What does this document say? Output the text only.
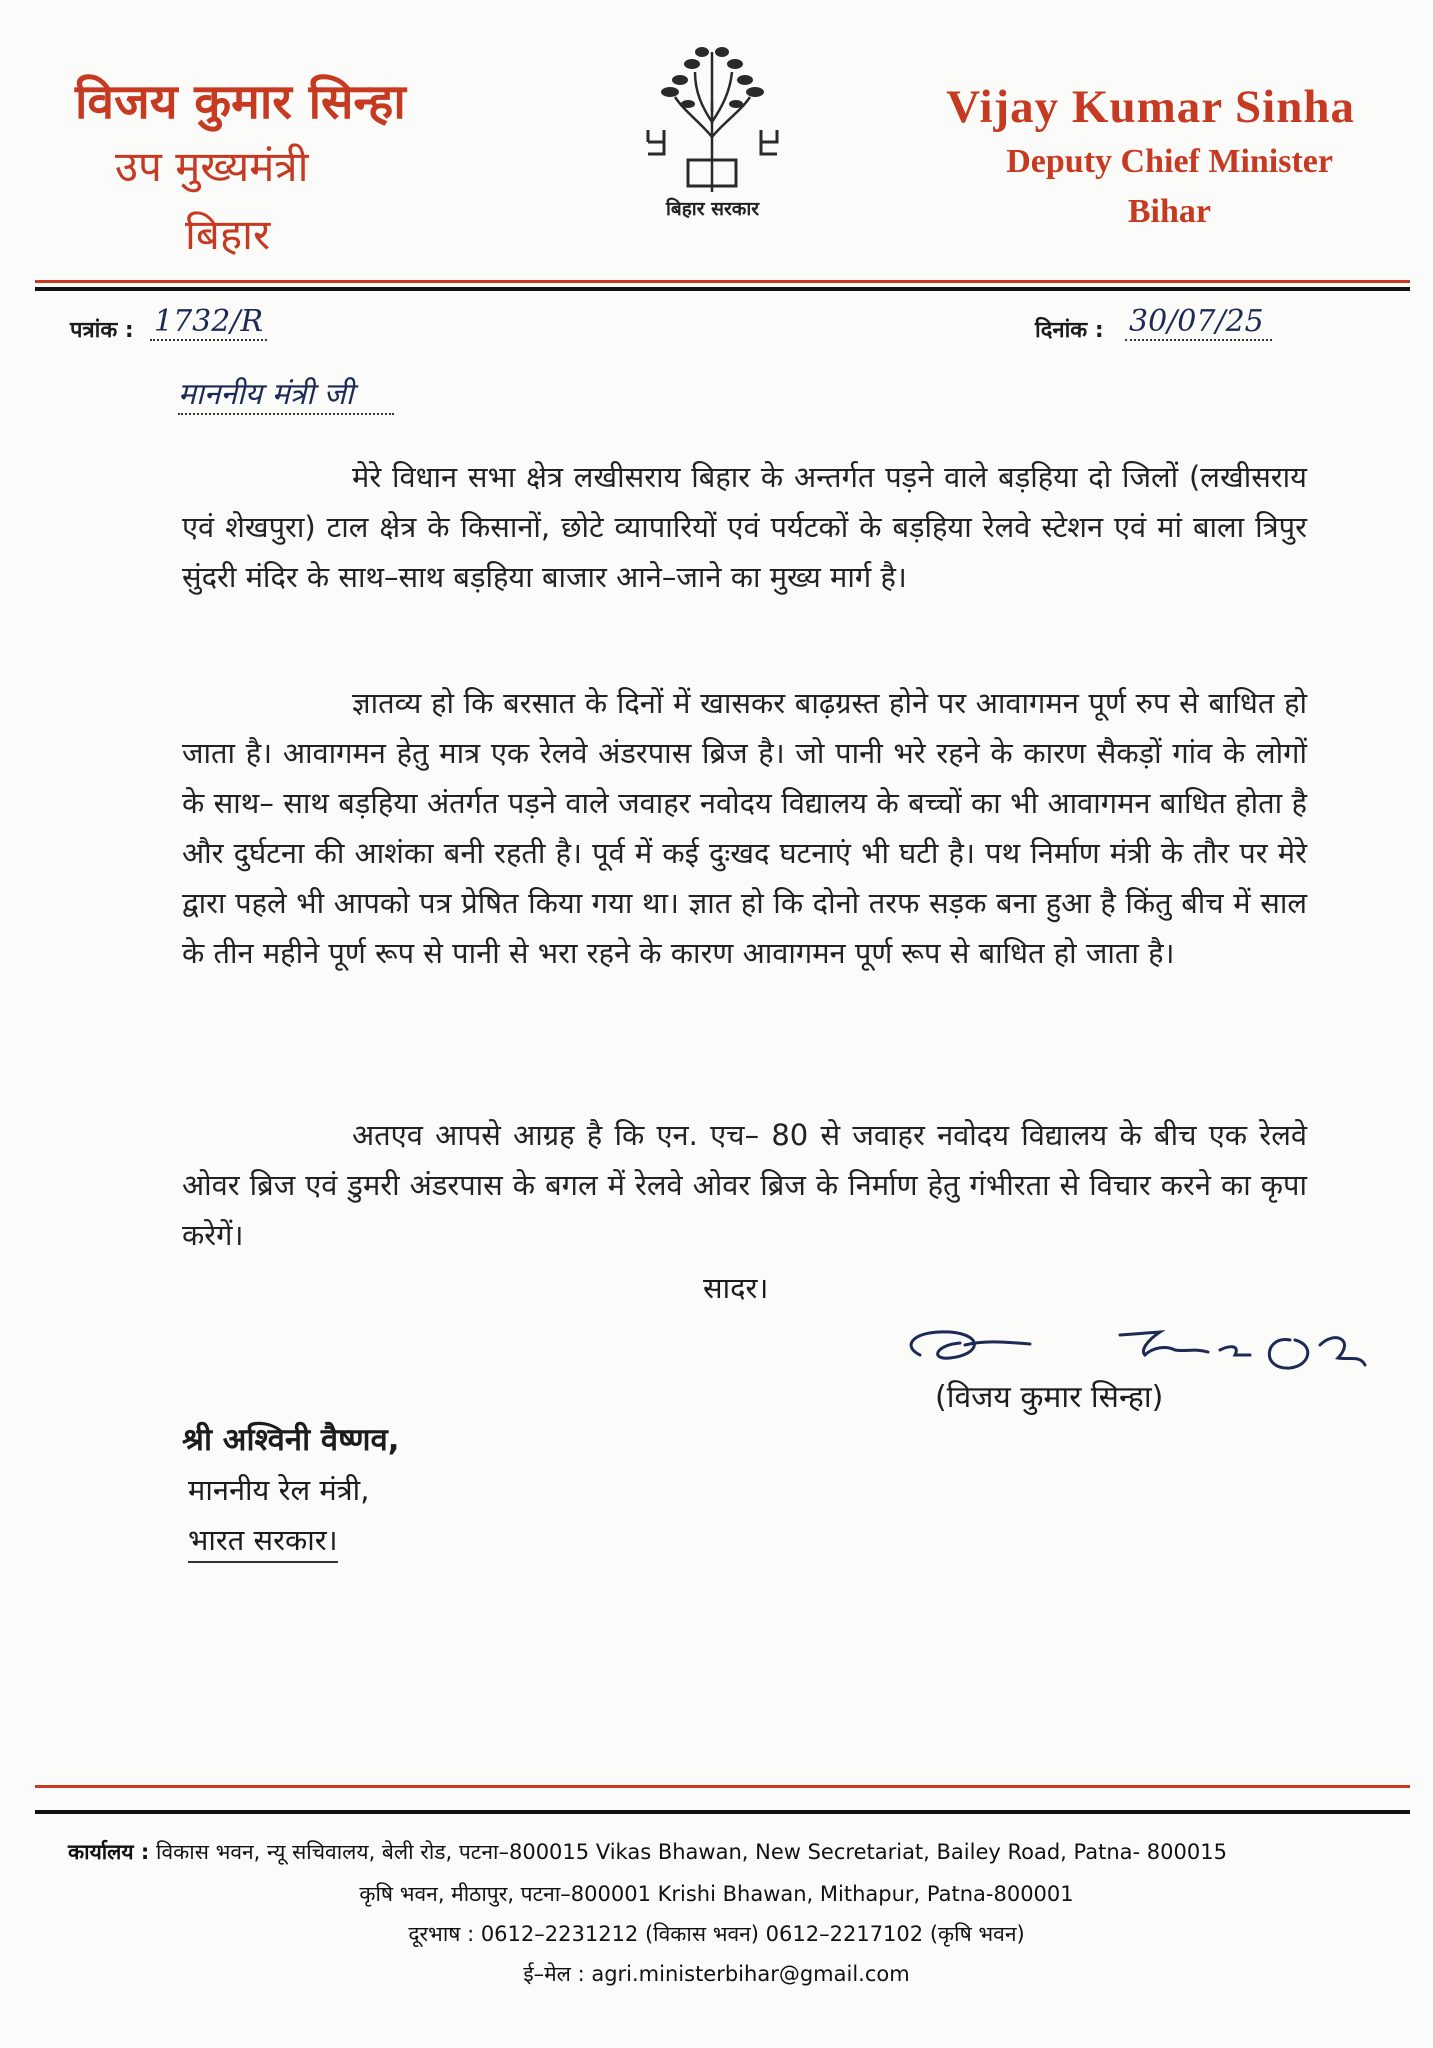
विजय कुमार सिन्हा
उप मुख्यमंत्री
बिहार
बिहार सरकार
Vijay Kumar Sinha
Deputy Chief Minister
Bihar
पत्रांक : 1732/R	दिनांक : 30/07/25
माननीय मंत्री जी
मेरे विधान सभा क्षेत्र लखीसराय बिहार के अन्तर्गत पड़ने वाले बड़हिया दो जिलों (लखीसराय एवं शेखपुरा) टाल क्षेत्र के किसानों, छोटे व्यापारियों एवं पर्यटकों के बड़हिया रेलवे स्टेशन एवं मां बाला त्रिपुर सुंदरी मंदिर के साथ–साथ बड़हिया बाजार आने–जाने का मुख्य मार्ग है।
ज्ञातव्य हो कि बरसात के दिनों में खासकर बाढ़ग्रस्त होने पर आवागमन पूर्ण रुप से बाधित हो जाता है। आवागमन हेतु मात्र एक रेलवे अंडरपास ब्रिज है। जो पानी भरे रहने के कारण सैकड़ों गांव के लोगों के साथ– साथ बड़हिया अंतर्गत पड़ने वाले जवाहर नवोदय विद्यालय के बच्चों का भी आवागमन बाधित होता है और दुर्घटना की आशंका बनी रहती है। पूर्व में कई दुःखद घटनाएं भी घटी है। पथ निर्माण मंत्री के तौर पर मेरे द्वारा पहले भी आपको पत्र प्रेषित किया गया था। ज्ञात हो कि दोनो तरफ सड़क बना हुआ है किंतु बीच में साल के तीन महीने पूर्ण रूप से पानी से भरा रहने के कारण आवागमन पूर्ण रूप से बाधित हो जाता है।
अतएव आपसे आग्रह है कि एन. एच– 80 से जवाहर नवोदय विद्यालय के बीच एक रेलवे ओवर ब्रिज एवं डुमरी अंडरपास के बगल में रेलवे ओवर ब्रिज के निर्माण हेतु गंभीरता से विचार करने का कृपा करेगें।
सादर।
(विजय कुमार सिन्हा)
श्री अश्विनी वैष्णव,
माननीय रेल मंत्री,
भारत सरकार।
कार्यालय : विकास भवन, न्यू सचिवालय, बेली रोड, पटना–800015 Vikas Bhawan, New Secretariat, Bailey Road, Patna- 800015
कृषि भवन, मीठापुर, पटना–800001 Krishi Bhawan, Mithapur, Patna-800001
दूरभाष : 0612–2231212 (विकास भवन) 0612–2217102 (कृषि भवन)
ई–मेल : agri.ministerbihar@gmail.com
